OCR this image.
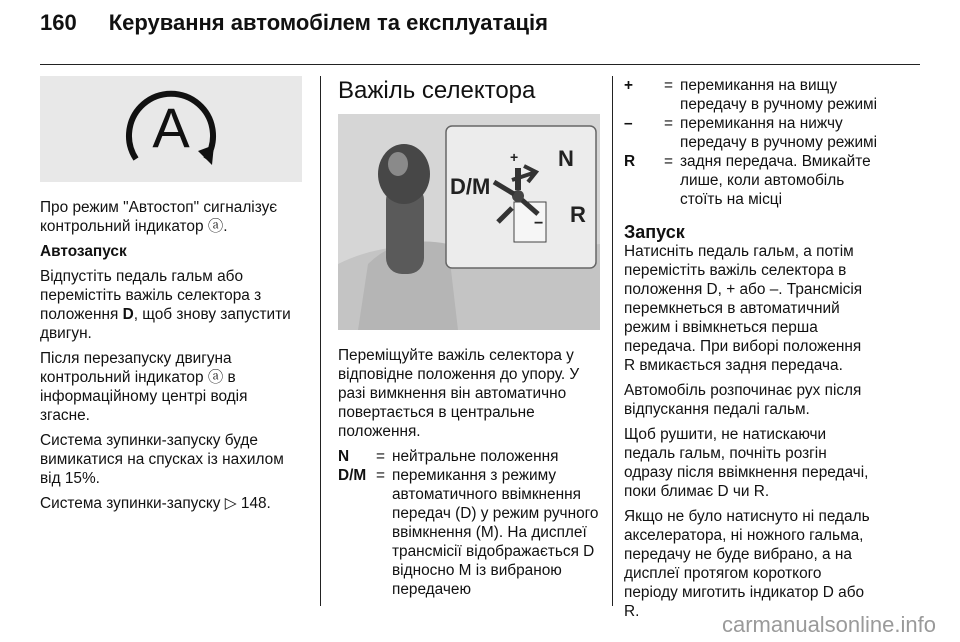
160 Керування автомобілем та експлуатація
A
Про режим "Автостоп" сигналізує
контрольний індикатор ⓐ.
Автозапуск
Відпустіть педаль гальм або
перемістіть важіль селектора з
положення D, щоб знову запустити
двигун.
Після перезапуску двигуна
контрольний індикатор ⓐ в
інформаційному центрі водія
згасне.
Система зупинки-запуску буде
вимикатися на спусках із нахилом
від 15%.
Система зупинки-запуску ▷ 148.
Важіль селектора
+
−
D/M
N
R
Переміщуйте важіль селектора у
відповідне положення до упору. У
разі вимкнення він автоматично
повертається в центральне
положення.
N	= нейтральне положення
D/M = перемикання з режиму
автоматичного ввімкнення
передач (D) у режим ручного
ввімкнення (M). На дисплеї
трансмісії відображається D
відносно M із вибраною
передачею
+	= перемикання на вищу
передачу в ручному режимі
–	= перемикання на нижчу
передачу в ручному режимі
R	= задня передача. Вмикайте
лише, коли автомобіль
стоїть на місці
Запуск
Натисніть педаль гальм, а потім
перемістіть важіль селектора в
положення D, + або –. Трансмісія
перемкнеться в автоматичний
режим і ввімкнеться перша
передача. При виборі положення
R вмикається задня передача.
Автомобіль розпочинає рух після
відпускання педалі гальм.
Щоб рушити, не натискаючи
педаль гальм, почніть розгін
одразу після ввімкнення передачі,
поки блимає D чи R.
Якщо не було натиснуто ні педаль
акселератора, ні ножного гальма,
передачу не буде вибрано, а на
дисплеї протягом короткого
періоду миготить індикатор D або
R.
carmanualsonline.info
